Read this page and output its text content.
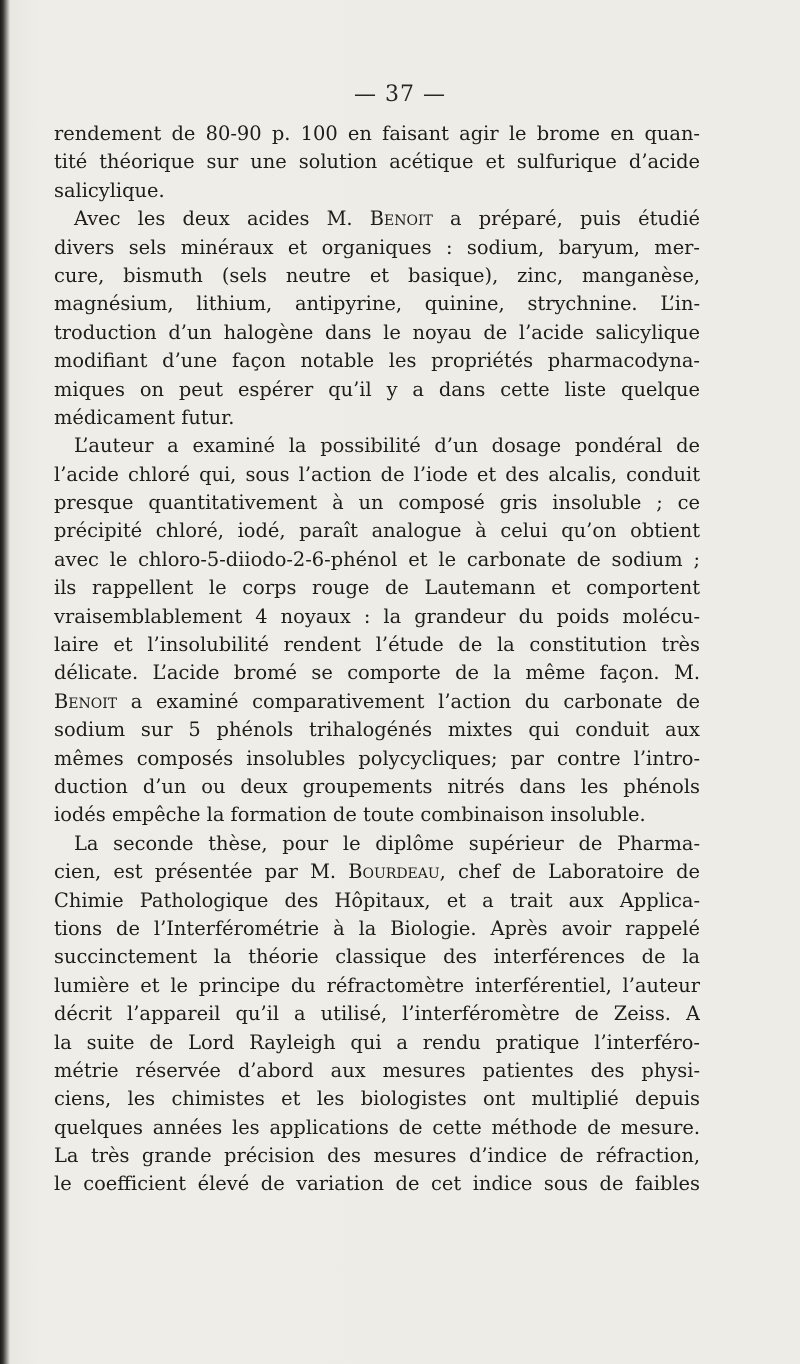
— 37 —
rendement de 80-90 p. 100 en faisant agir le brome en quan-
tité théorique sur une solution acétique et sulfurique d’acide
salicylique.
Avec les deux acides M. Benoit a préparé, puis étudié
divers sels minéraux et organiques : sodium, baryum, mer-
cure, bismuth (sels neutre et basique), zinc, manganèse,
magnésium, lithium, antipyrine, quinine, strychnine. L’in-
troduction d’un halogène dans le noyau de l’acide salicylique
modifiant d’une façon notable les propriétés pharmacodyna-
miques on peut espérer qu’il y a dans cette liste quelque
médicament futur.
L’auteur a examiné la possibilité d’un dosage pondéral de
l’acide chloré qui, sous l’action de l’iode et des alcalis, conduit
presque quantitativement à un composé gris insoluble ; ce
précipité chloré, iodé, paraît analogue à celui qu’on obtient
avec le chloro-5-diiodo-2-6-phénol et le carbonate de sodium ;
ils rappellent le corps rouge de Lautemann et comportent
vraisemblablement 4 noyaux : la grandeur du poids molécu-
laire et l’insolubilité rendent l’étude de la constitution très
délicate. L’acide bromé se comporte de la même façon. M.
Benoit a examiné comparativement l’action du carbonate de
sodium sur 5 phénols trihalogénés mixtes qui conduit aux
mêmes composés insolubles polycycliques; par contre l’intro-
duction d’un ou deux groupements nitrés dans les phénols
iodés empêche la formation de toute combinaison insoluble.
La seconde thèse, pour le diplôme supérieur de Pharma-
cien, est présentée par M. Bourdeau, chef de Laboratoire de
Chimie Pathologique des Hôpitaux, et a trait aux Applica-
tions de l’Interférométrie à la Biologie. Après avoir rappelé
succinctement la théorie classique des interférences de la
lumière et le principe du réfractomètre interférentiel, l’auteur
décrit l’appareil qu’il a utilisé, l’interféromètre de Zeiss. A
la suite de Lord Rayleigh qui a rendu pratique l’interféro-
métrie réservée d’abord aux mesures patientes des physi-
ciens, les chimistes et les biologistes ont multiplié depuis
quelques années les applications de cette méthode de mesure.
La très grande précision des mesures d’indice de réfraction,
le coefficient élevé de variation de cet indice sous de faibles
